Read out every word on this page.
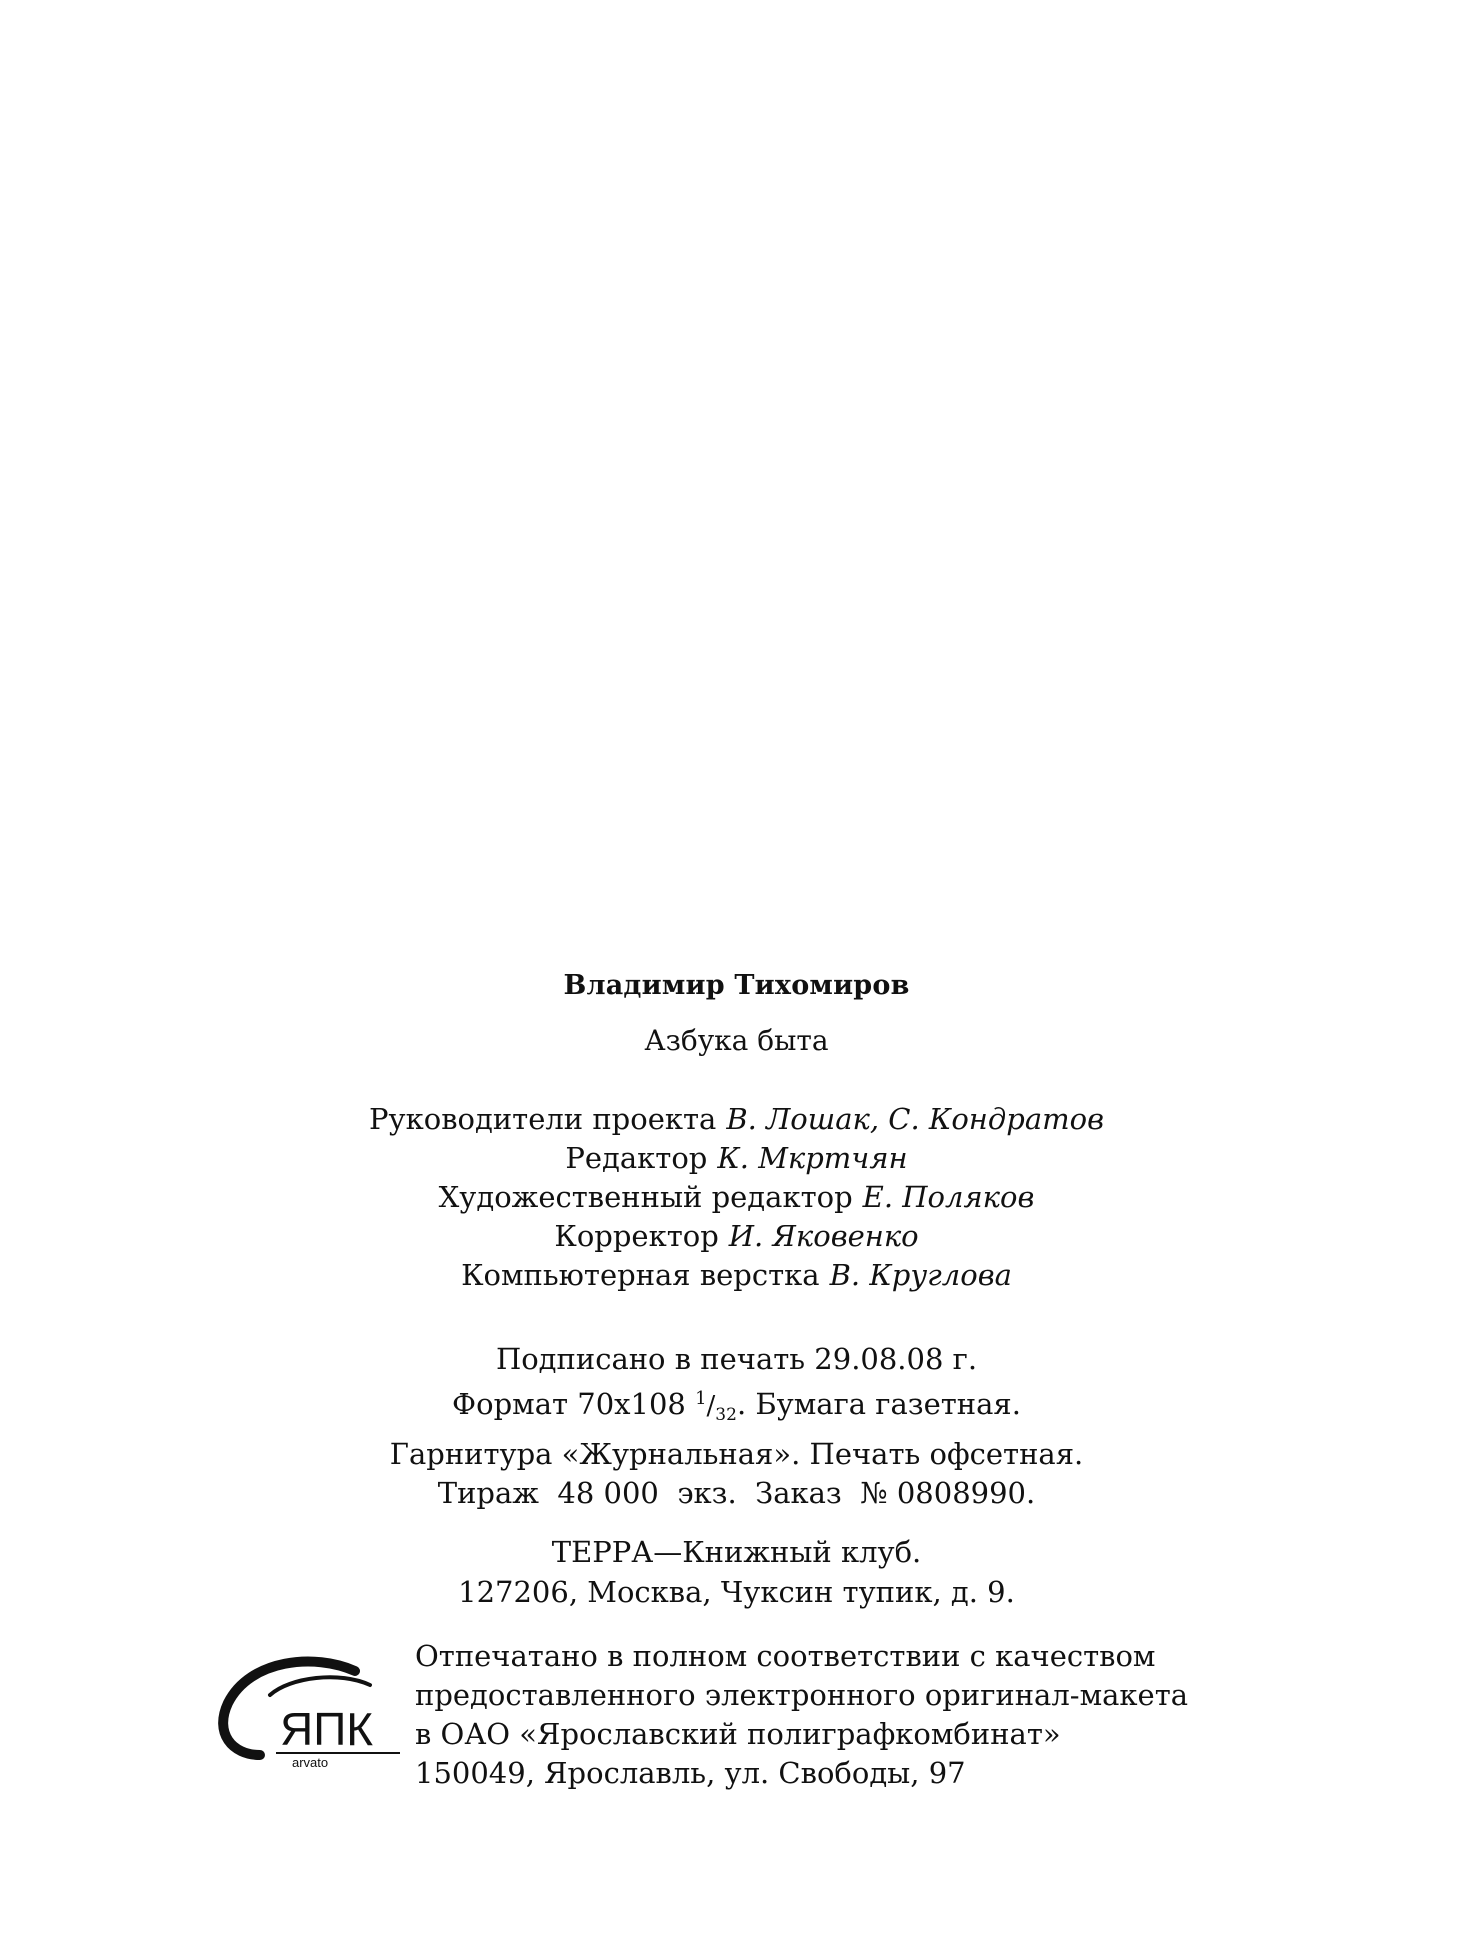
Владимир Тихомиров
Азбука быта
Руководители проекта В. Лошак, С. Кондратов
Редактор К. Мкртчян
Художественный редактор Е. Поляков
Корректор И. Яковенко
Компьютерная верстка В. Круглова
Подписано в печать 29.08.08 г.
Формат 70x108 $^1/_{32}$. Бумага газетная.
Гарнитура «Журнальная». Печать офсетная.
Тираж  48 000  экз.  Заказ  № 0808990.
ТЕРРА—Книжный клуб.
127206, Москва, Чуксин тупик, д. 9.
ЯПК
arvato
Отпечатано в полном соответствии с качеством
предоставленного электронного оригинал-макета
в ОАО «Ярославский полиграфкомбинат»
150049, Ярославль, ул. Свободы, 97
